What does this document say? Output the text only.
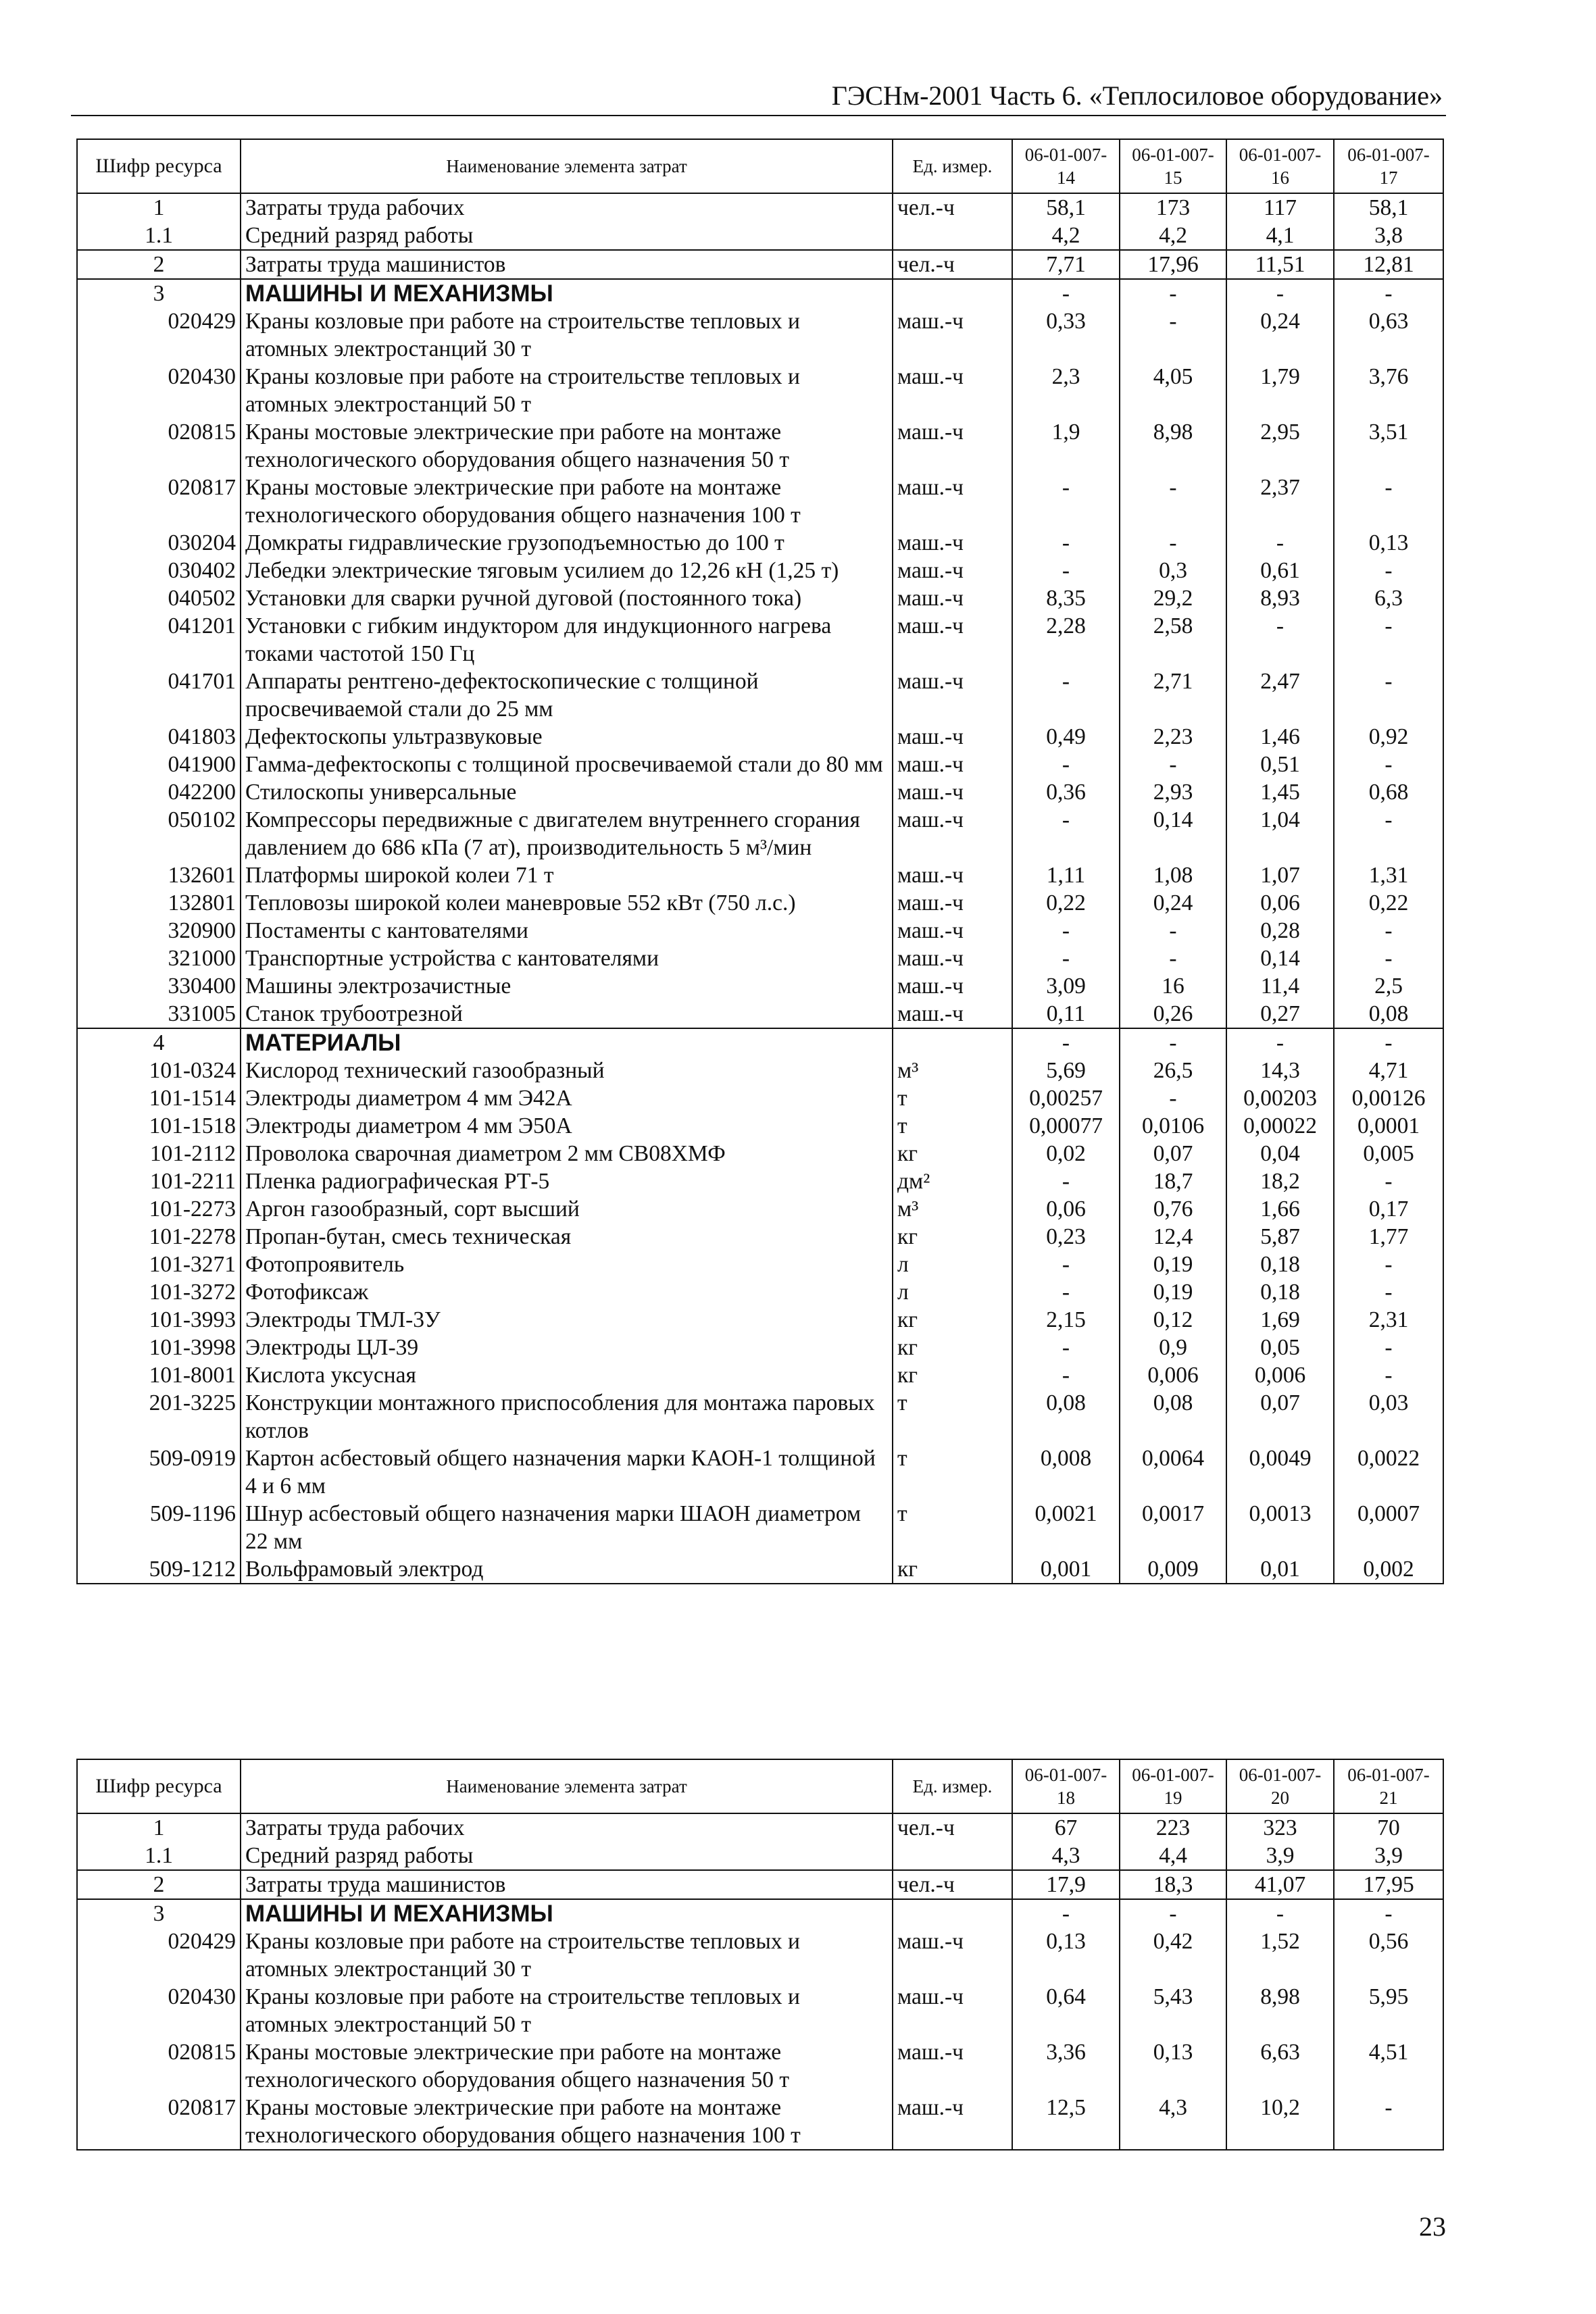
ГЭСНм-2001 Часть 6. «Теплосиловое оборудование»
Шифр ресурса	Наименование элемента затрат	Ед. измер.	06-01-007-14	06-01-007-15	06-01-007-16	06-01-007-17
1	Затраты труда рабочих	чел.-ч	58,1	173	117	58,1
1.1	Средний разряд работы		4,2	4,2	4,1	3,8
2	Затраты труда машинистов	чел.-ч	7,71	17,96	11,51	12,81
3	МАШИНЫ И МЕХАНИЗМЫ		-	-	-	-
020429	Краны козловые при работе на строительстве тепловых и атомных электростанций 30 т	маш.-ч	0,33	-	0,24	0,63
020430	Краны козловые при работе на строительстве тепловых и атомных электростанций 50 т	маш.-ч	2,3	4,05	1,79	3,76
020815	Краны мостовые электрические при работе на монтаже технологического оборудования общего назначения 50 т	маш.-ч	1,9	8,98	2,95	3,51
020817	Краны мостовые электрические при работе на монтаже технологического оборудования общего назначения 100 т	маш.-ч	-	-	2,37	-
030204	Домкраты гидравлические грузоподъемностью до 100 т	маш.-ч	-	-	-	0,13
030402	Лебедки электрические тяговым усилием до 12,26 кН (1,25 т)	маш.-ч	-	0,3	0,61	-
040502	Установки для сварки ручной дуговой (постоянного тока)	маш.-ч	8,35	29,2	8,93	6,3
041201	Установки с гибким индуктором для индукционного нагрева токами частотой 150 Гц	маш.-ч	2,28	2,58	-	-
041701	Аппараты рентгено-дефектоскопические с толщиной просвечиваемой стали до 25 мм	маш.-ч	-	2,71	2,47	-
041803	Дефектоскопы ультразвуковые	маш.-ч	0,49	2,23	1,46	0,92
041900	Гамма-дефектоскопы с толщиной просвечиваемой стали до 80 мм	маш.-ч	-	-	0,51	-
042200	Стилоскопы универсальные	маш.-ч	0,36	2,93	1,45	0,68
050102	Компрессоры передвижные с двигателем внутреннего сгорания давлением до 686 кПа (7 ат), производительность 5 м³/мин	маш.-ч	-	0,14	1,04	-
132601	Платформы широкой колеи 71 т	маш.-ч	1,11	1,08	1,07	1,31
132801	Тепловозы широкой колеи маневровые 552 кВт (750 л.с.)	маш.-ч	0,22	0,24	0,06	0,22
320900	Постаменты с кантователями	маш.-ч	-	-	0,28	-
321000	Транспортные устройства с кантователями	маш.-ч	-	-	0,14	-
330400	Машины электрозачистные	маш.-ч	3,09	16	11,4	2,5
331005	Станок трубоотрезной	маш.-ч	0,11	0,26	0,27	0,08
4	МАТЕРИАЛЫ		-	-	-	-
101-0324	Кислород технический газообразный	м³	5,69	26,5	14,3	4,71
101-1514	Электроды диаметром 4 мм Э42А	т	0,00257	-	0,00203	0,00126
101-1518	Электроды диаметром 4 мм Э50А	т	0,00077	0,0106	0,00022	0,0001
101-2112	Проволока сварочная диаметром 2 мм СВ08ХМФ	кг	0,02	0,07	0,04	0,005
101-2211	Пленка радиографическая РТ-5	дм²	-	18,7	18,2	-
101-2273	Аргон газообразный, сорт высший	м³	0,06	0,76	1,66	0,17
101-2278	Пропан-бутан, смесь техническая	кг	0,23	12,4	5,87	1,77
101-3271	Фотопроявитель	л	-	0,19	0,18	-
101-3272	Фотофиксаж	л	-	0,19	0,18	-
101-3993	Электроды ТМЛ-3У	кг	2,15	0,12	1,69	2,31
101-3998	Электроды ЦЛ-39	кг	-	0,9	0,05	-
101-8001	Кислота уксусная	кг	-	0,006	0,006	-
201-3225	Конструкции монтажного приспособления для монтажа паровых котлов	т	0,08	0,08	0,07	0,03
509-0919	Картон асбестовый общего назначения марки КАОН-1 толщиной 4 и 6 мм	т	0,008	0,0064	0,0049	0,0022
509-1196	Шнур асбестовый общего назначения марки ШАОН диаметром 22 мм	т	0,0021	0,0017	0,0013	0,0007
509-1212	Вольфрамовый электрод	кг	0,001	0,009	0,01	0,002
Шифр ресурса	Наименование элемента затрат	Ед. измер.	06-01-007-18	06-01-007-19	06-01-007-20	06-01-007-21
1	Затраты труда рабочих	чел.-ч	67	223	323	70
1.1	Средний разряд работы		4,3	4,4	3,9	3,9
2	Затраты труда машинистов	чел.-ч	17,9	18,3	41,07	17,95
3	МАШИНЫ И МЕХАНИЗМЫ		-	-	-	-
020429	Краны козловые при работе на строительстве тепловых и атомных электростанций 30 т	маш.-ч	0,13	0,42	1,52	0,56
020430	Краны козловые при работе на строительстве тепловых и атомных электростанций 50 т	маш.-ч	0,64	5,43	8,98	5,95
020815	Краны мостовые электрические при работе на монтаже технологического оборудования общего назначения 50 т	маш.-ч	3,36	0,13	6,63	4,51
020817	Краны мостовые электрические при работе на монтаже технологического оборудования общего назначения 100 т	маш.-ч	12,5	4,3	10,2	-
23
